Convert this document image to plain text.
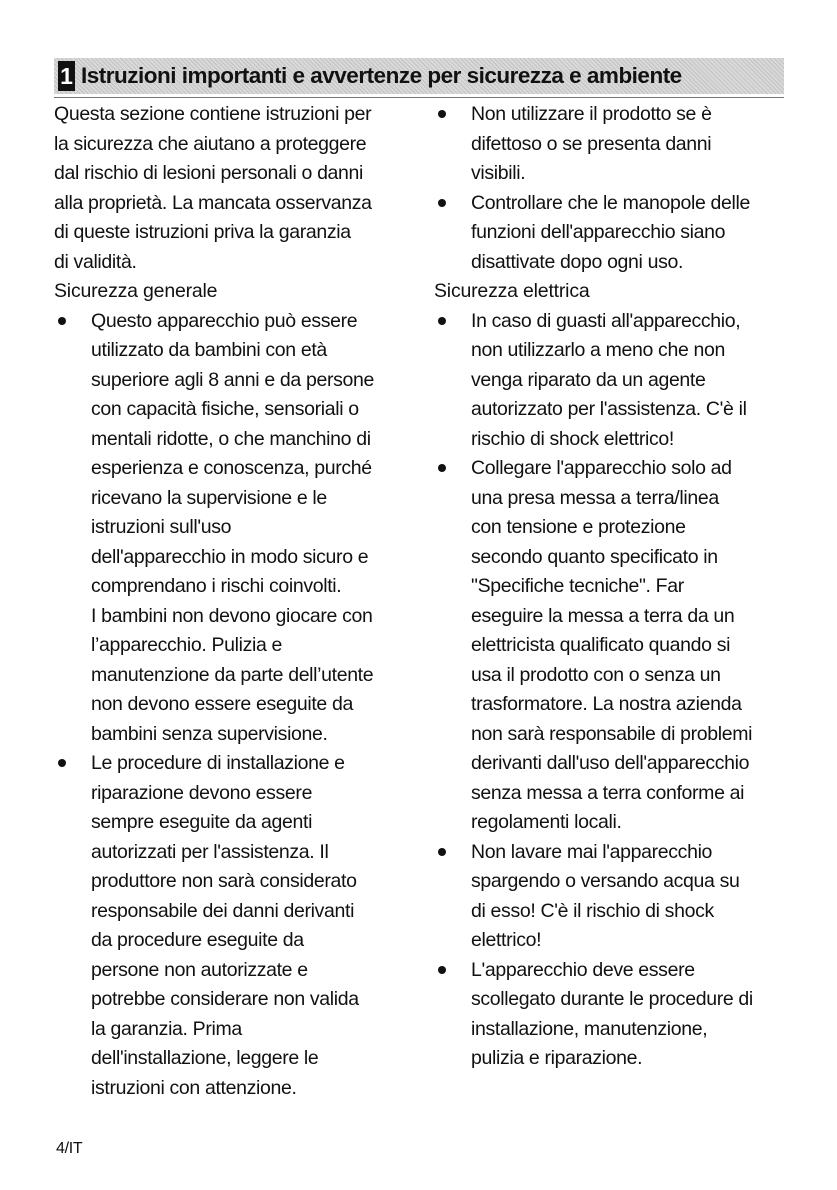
1 Istruzioni importanti e avvertenze per sicurezza e ambiente

Questa sezione contiene istruzioni per
la sicurezza che aiutano a proteggere
dal rischio di lesioni personali o danni
alla proprietà. La mancata osservanza
di queste istruzioni priva la garanzia
di validità.

Sicurezza generale
Questo apparecchio può essere
utilizzato da bambini con età
superiore agli 8 anni e da persone
con capacità fisiche, sensoriali o
mentali ridotte, o che manchino di
esperienza e conoscenza, purché
ricevano la supervisione e le
istruzioni sull'uso
dell'apparecchio in modo sicuro e
comprendano i rischi coinvolti.
I bambini non devono giocare con
l’apparecchio. Pulizia e
manutenzione da parte dell’utente
non devono essere eseguite da
bambini senza supervisione.
Le procedure di installazione e
riparazione devono essere
sempre eseguite da agenti
autorizzati per l'assistenza. Il
produttore non sarà considerato
responsabile dei danni derivanti
da procedure eseguite da
persone non autorizzate e
potrebbe considerare non valida
la garanzia. Prima
dell'installazione, leggere le
istruzioni con attenzione.
Non utilizzare il prodotto se è
difettoso o se presenta danni
visibili.
Controllare che le manopole delle
funzioni dell'apparecchio siano
disattivate dopo ogni uso.
Sicurezza elettrica
In caso di guasti all'apparecchio,
non utilizzarlo a meno che non
venga riparato da un agente
autorizzato per l'assistenza. C'è il
rischio di shock elettrico!
Collegare l'apparecchio solo ad
una presa messa a terra/linea
con tensione e protezione
secondo quanto specificato in
"Specifiche tecniche". Far
eseguire la messa a terra da un
elettricista qualificato quando si
usa il prodotto con o senza un
trasformatore. La nostra azienda
non sarà responsabile di problemi
derivanti dall'uso dell'apparecchio
senza messa a terra conforme ai
regolamenti locali.
Non lavare mai l'apparecchio
spargendo o versando acqua su
di esso! C'è il rischio di shock
elettrico!
L'apparecchio deve essere
scollegato durante le procedure di
installazione, manutenzione,
pulizia e riparazione.
4/IT
